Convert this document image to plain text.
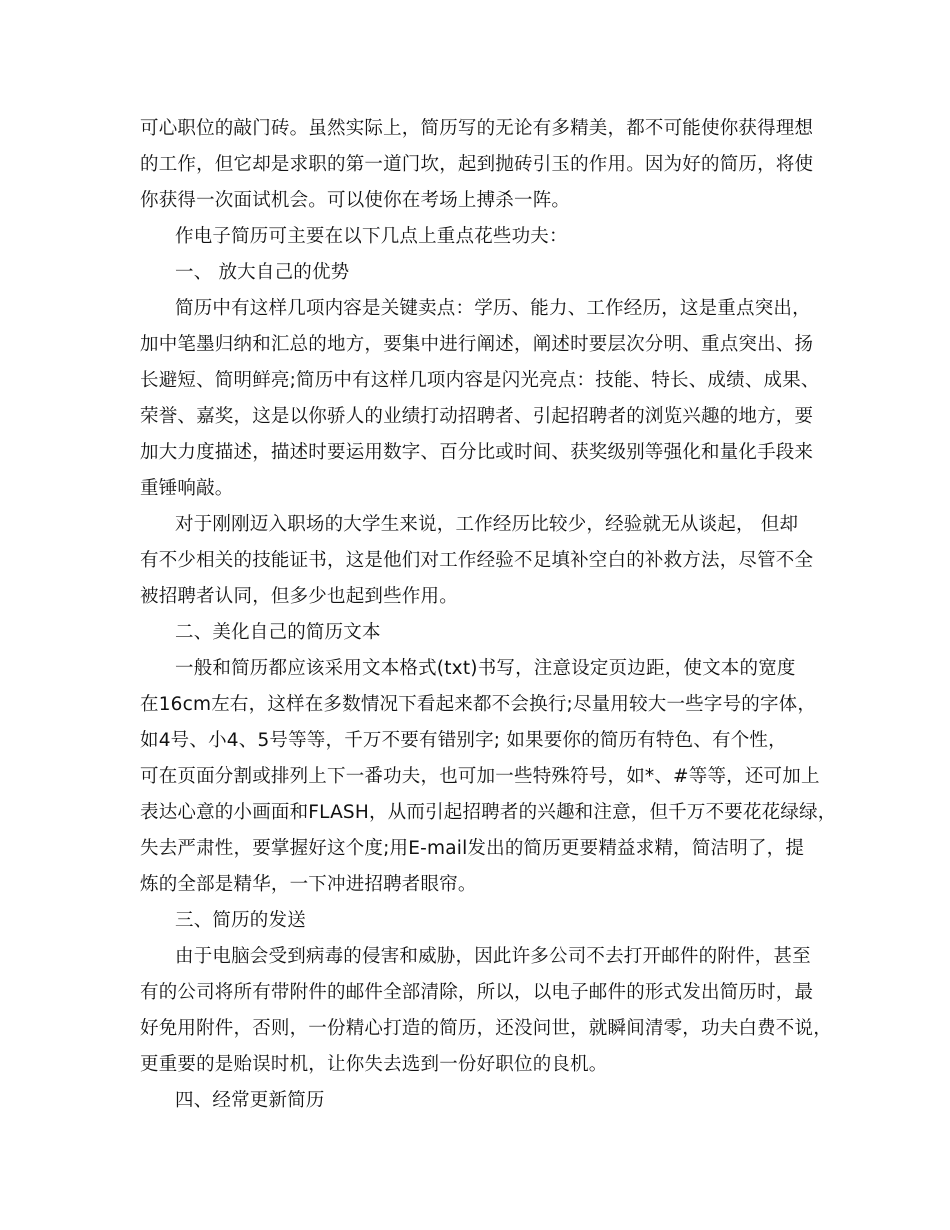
可心职位的敲门砖。虽然实际上，简历写的无论有多精美，都不可能使你获得理想
的工作，但它却是求职的第一道门坎，起到抛砖引玉的作用。因为好的简历，将使
你获得一次面试机会。可以使你在考场上搏杀一阵。
作电子简历可主要在以下几点上重点花些功夫：
一、 放大自己的优势
简历中有这样几项内容是关键卖点：学历、能力、工作经历，这是重点突出，
加中笔墨归纳和汇总的地方，要集中进行阐述，阐述时要层次分明、重点突出、扬
长避短、简明鲜亮;简历中有这样几项内容是闪光亮点：技能、特长、成绩、成果、
荣誉、嘉奖，这是以你骄人的业绩打动招聘者、引起招聘者的浏览兴趣的地方，要
加大力度描述，描述时要运用数字、百分比或时间、获奖级别等强化和量化手段来
重锤响敲。
对于刚刚迈入职场的大学生来说，工作经历比较少，经验就无从谈起， 但却
有不少相关的技能证书，这是他们对工作经验不足填补空白的补救方法，尽管不全
被招聘者认同，但多少也起到些作用。
二、美化自己的简历文本
一般和简历都应该采用文本格式(txt)书写，注意设定页边距，使文本的宽度
在16cm左右，这样在多数情况下看起来都不会换行;尽量用较大一些字号的字体，
如4号、小4、5号等等，千万不要有错别字; 如果要你的简历有特色、有个性，
可在页面分割或排列上下一番功夫，也可加一些特殊符号，如*、#等等，还可加上
表达心意的小画面和FLASH，从而引起招聘者的兴趣和注意，但千万不要花花绿绿，
失去严肃性，要掌握好这个度;用E-mail发出的简历更要精益求精，简洁明了，提
炼的全部是精华，一下冲进招聘者眼帘。
三、简历的发送
由于电脑会受到病毒的侵害和威胁，因此许多公司不去打开邮件的附件，甚至
有的公司将所有带附件的邮件全部清除，所以，以电子邮件的形式发出简历时，最
好免用附件，否则，一份精心打造的简历，还没问世，就瞬间清零，功夫白费不说，
更重要的是贻误时机，让你失去选到一份好职位的良机。
四、经常更新简历
